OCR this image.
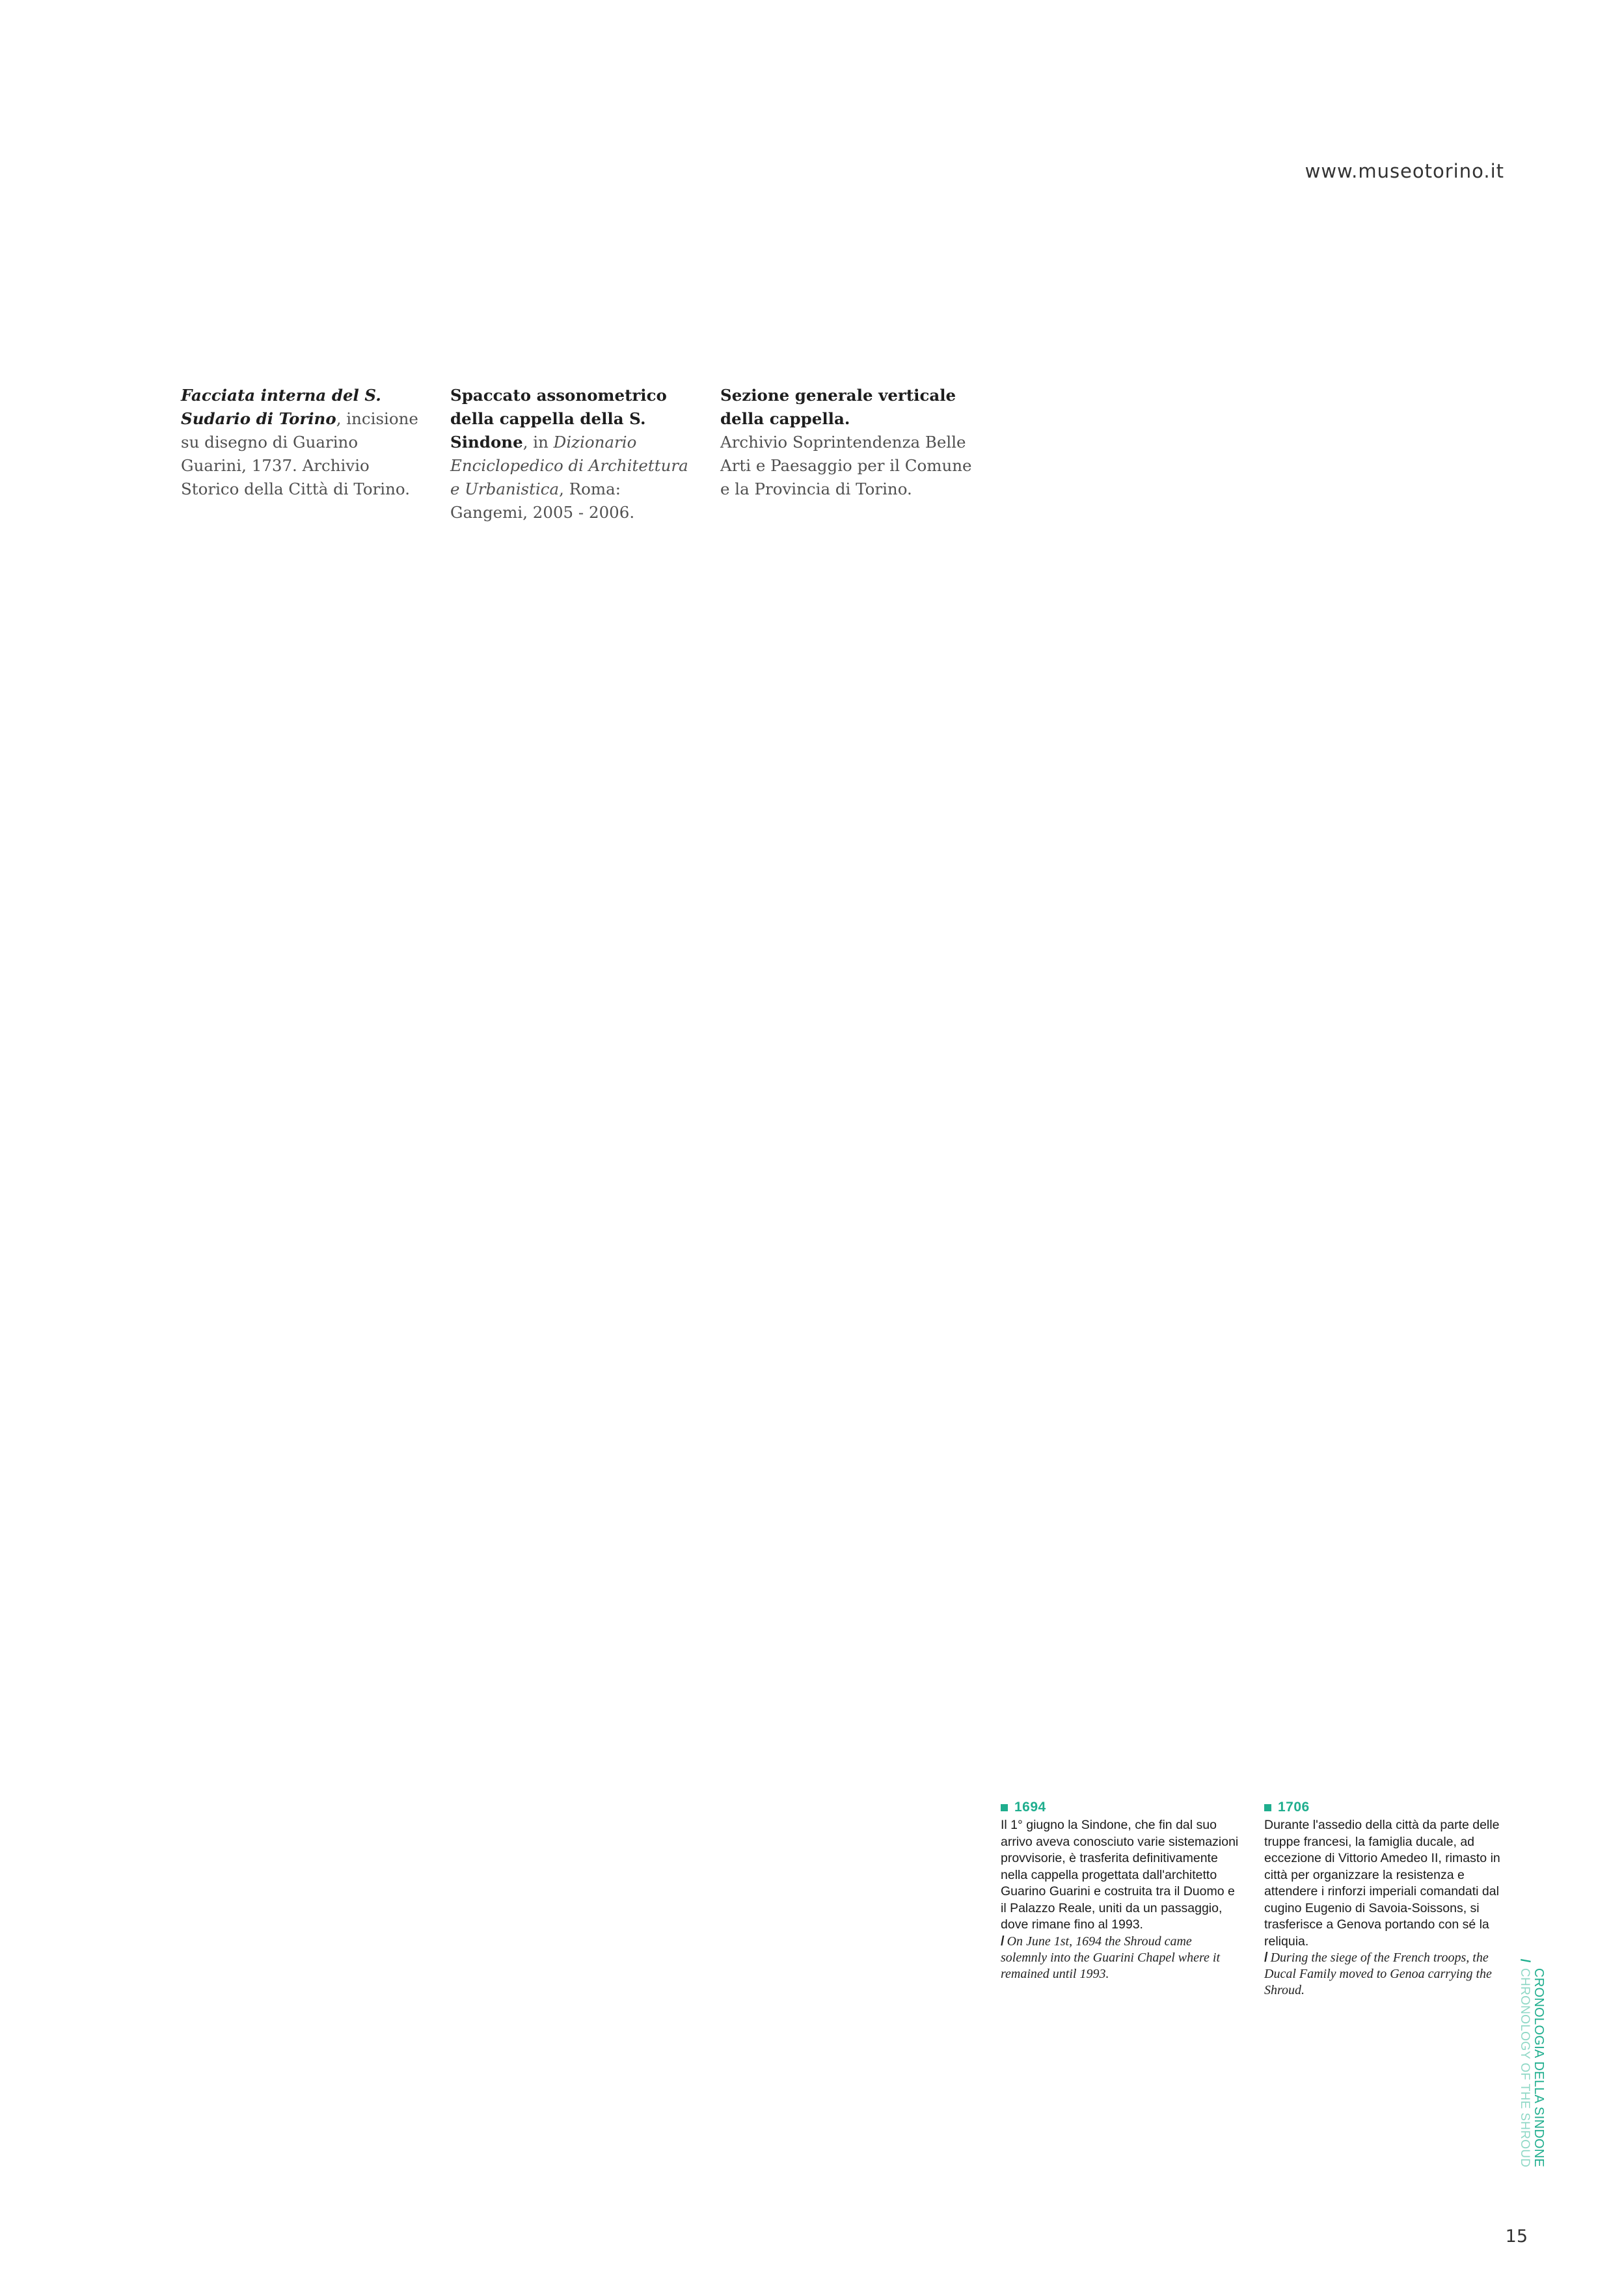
www.museotorino.it
Facciata interna del S. Sudario di Torino, incisione su disegno di Guarino Guarini, 1737. Archivio Storico della Città di Torino.
Spaccato assonometrico della cappella della S. Sindone, in Dizionario Enciclopedico di Architettura e Urbanistica, Roma: Gangemi, 2005 - 2006.
Sezione generale verticale della cappella.
Archivio Soprintendenza Belle Arti e Paesaggio per il Comune e la Provincia di Torino.
1694
Il 1° giugno la Sindone, che fin dal suo arrivo aveva conosciuto varie sistemazioni provvisorie, è trasferita definitivamente nella cappella progettata dall'architetto Guarino Guarini e costruita tra il Duomo e il Palazzo Reale, uniti da un passaggio, dove rimane fino al 1993.
/ On June 1st, 1694 the Shroud came solemnly into the Guarini Chapel where it remained until 1993.
1706
Durante l'assedio della città da parte delle truppe francesi, la famiglia ducale, ad eccezione di Vittorio Amedeo II, rimasto in città per organizzare la resistenza e attendere i rinforzi imperiali comandati dal cugino Eugenio di Savoia-Soissons, si trasferisce a Genova portando con sé la reliquia.
/ During the siege of the French troops, the Ducal Family moved to Genoa carrying the Shroud.
/
CRONOLOGIA DELLA SINDONE
CHRONOLOGY OF THE SHROUD
15
